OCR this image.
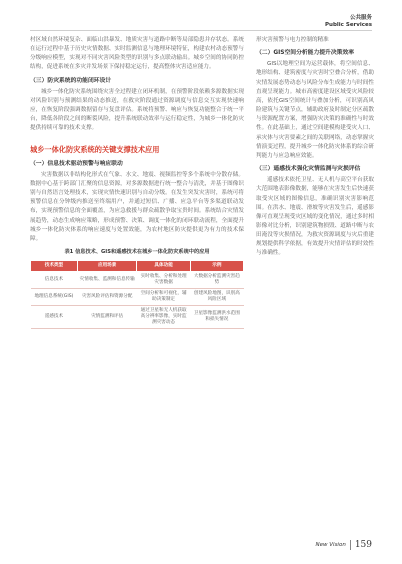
公共服务
Public Services

村区域自然环境复杂、面临山洪暴发、地质灾害与道路中断等局部隐患并存状态。系统在运行过程中基于历史灾情数据、实时监测信息与地理环境特征，构建农村动态预警与分级响应模型，实现对不同灾害风险类型的识别与多点联动输出。城乡空间的协同防控结构，促进系统在多灾并发场景下保持稳定运行，提高整体灾害适应能力。

（三）防灾系统的功能闭环设计

城乡一体化防灾系统围绕灾害全过程建立闭环机制，在预警阶段依赖多源数据实现对风险识别与预测结果的动态推送，在救灾阶段通过资源调度与信息交互实现快速响应，在恢复阶段强调数据留存与复盘评估。系统将预警、响应与恢复功能整合于统一平台，降低各阶段之间的断裂风险，提升系统联动效率与运行稳定性，为城乡一体化防灾提供持续可靠的技术支撑。

城乡一体化防灾系统的关键支撑技术应用
（一）信息技术驱动预警与响应联动

灾害数据以非结构化形式在气象、水文、地震、视频监控等多个系统中分散存储。数据中心基于跨部门汇聚的信息资源，对多源数据进行统一整合与清洗，并基于图像识别与自然语言处理技术，实现灾情快速识别与自动分级。在发生突发灾害时，系统可将预警信息在分钟级内推送至终端用户，并通过短信、广播、应急平台等多渠道联动发布，实现预警信息的全面覆盖，为应急救援与群众疏散争取宝贵时间。系统结合灾情发展趋势，动态生成响应策略，形成预警、决策、调度一体化的闭环联动流程，全面提升城乡一体化防灾体系的响应速度与处置效能，为农村地区防灾提供更为有力的技术保障。

表1 信息技术、GIS和遥感技术在城乡一体化防灾系统中的应用
技术类型	应用场景	具体功能	示例
信息技术	灾情收集、监测和信息传输	实时收集、分析和处理灾害数据	大数据分析监测灾害趋势
地理信息系统(GIS)	灾害风险评估和资源分配	空间分析和可视化，辅助决策制定	创建风险地图，识别高风险区域
遥感技术	灾情监测和评估	通过卫星和无人机获取高分辨率影像，实时监测灾害动态	卫星影像监测洪水范围和损失情况

形灾害预警与电力控制的精准

（二）GIS空间分析能力提升决策效率

GIS以地理空间为运营载体，将空间信息、地形结构、建筑密度与灾害时空叠合分析，借助灾情发展态势动态与风险分布生成能力与时间性直观呈现能力。城市高密度建设区域受灾风险较高，依托GIS空间统计与叠加分析，可识别高风险建筑与关键节点，辅助政府及时制定分区疏散与资源配置方案，增强防灾决策的准确性与时效性。在此基础上，通过空间建模构建受灾人口、承灾体与灾害要素之间的关联网络，动态掌握灾情演变过程，提升城乡一体化防灾体系的综合研判能力与应急响应效能。

（三）遥感技术强化灾情监测与灾损评估

遥感技术依托卫星、无人机与高空平台获取大范围地表影像数据，能够在灾害发生后快速获取受灾区域的图像信息，准确识别灾害影响范围。在洪水、地震、滑坡等灾害发生后，遥感影像可直观呈现受灾区域的变化情况，通过多时相影像对比分析，识别建筑物损毁、道路中断与农田淹没等灾损情况，为救灾资源调度与灾后重建规划提供科学依据，有效提升灾情评估的时效性与准确性。

New Vision 159
